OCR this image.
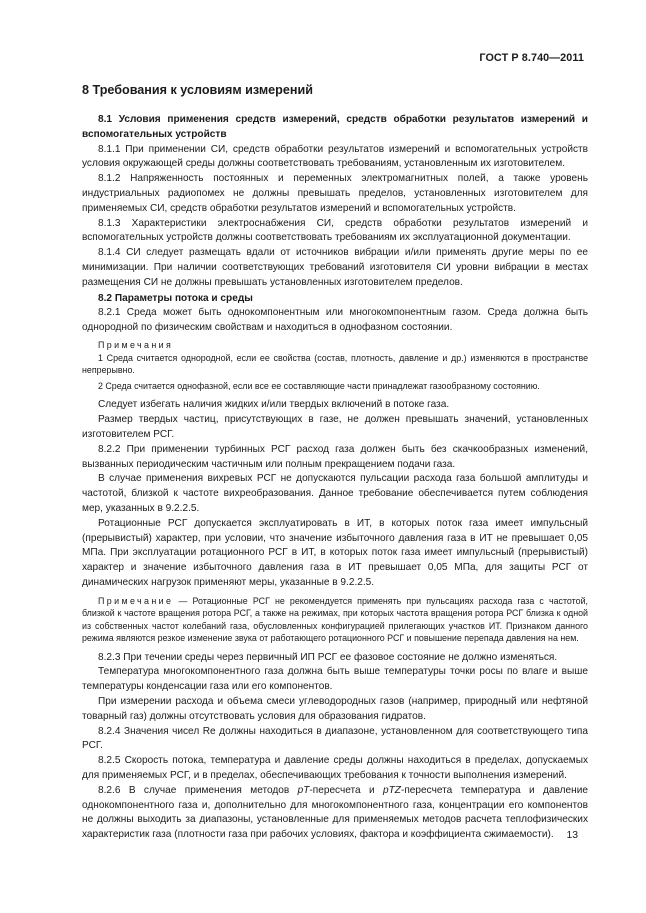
ГОСТ Р 8.740—2011
8 Требования к условиям измерений

8.1 Условия применения средств измерений, средств обработки результатов измерений и вспомогательных устройств

8.1.1 При применении СИ, средств обработки результатов измерений и вспомогательных устройств условия окружающей среды должны соответствовать требованиям, установленным их изготовителем.

8.1.2 Напряженность постоянных и переменных электромагнитных полей, а также уровень индустриальных радиопомех не должны превышать пределов, установленных изготовителем для применяемых СИ, средств обработки результатов измерений и вспомогательных устройств.

8.1.3 Характеристики электроснабжения СИ, средств обработки результатов измерений и вспомогательных устройств должны соответствовать требованиям их эксплуатационной документации.

8.1.4 СИ следует размещать вдали от источников вибрации и/или применять другие меры по ее минимизации. При наличии соответствующих требований изготовителя СИ уровни вибрации в местах размещения СИ не должны превышать установленных изготовителем пределов.

8.2 Параметры потока и среды

8.2.1 Среда может быть однокомпонентным или многокомпонентным газом. Среда должна быть однородной по физическим свойствам и находиться в однофазном состоянии.

Примечания

1 Среда считается однородной, если ее свойства (состав, плотность, давление и др.) изменяются в пространстве непрерывно.

2 Среда считается однофазной, если все ее составляющие части принадлежат газообразному состоянию.

Следует избегать наличия жидких и/или твердых включений в потоке газа.

Размер твердых частиц, присутствующих в газе, не должен превышать значений, установленных изготовителем РСГ.

8.2.2 При применении турбинных РСГ расход газа должен быть без скачкообразных изменений, вызванных периодическим частичным или полным прекращением подачи газа.

В случае применения вихревых РСГ не допускаются пульсации расхода газа большой амплитуды и частотой, близкой к частоте вихреобразования. Данное требование обеспечивается путем соблюдения мер, указанных в 9.2.2.5.

Ротационные РСГ допускается эксплуатировать в ИТ, в которых поток газа имеет импульсный (прерывистый) характер, при условии, что значение избыточного давления газа в ИТ не превышает 0,05 МПа. При эксплуатации ротационного РСГ в ИТ, в которых поток газа имеет импульсный (прерывистый) характер и значение избыточного давления газа в ИТ превышает 0,05 МПа, для защиты РСГ от динамических нагрузок применяют меры, указанные в 9.2.2.5.

Примечание — Ротационные РСГ не рекомендуется применять при пульсациях расхода газа с частотой, близкой к частоте вращения ротора РСГ, а также на режимах, при которых частота вращения ротора РСГ близка к одной из собственных частот колебаний газа, обусловленных конфигурацией прилегающих участков ИТ. Признаком данного режима являются резкое изменение звука от работающего ротационного РСГ и повышение перепада давления на нем.

8.2.3 При течении среды через первичный ИП РСГ ее фазовое состояние не должно изменяться.

Температура многокомпонентного газа должна быть выше температуры точки росы по влаге и выше температуры конденсации газа или его компонентов.

При измерении расхода и объема смеси углеводородных газов (например, природный или нефтяной товарный газ) должны отсутствовать условия для образования гидратов.

8.2.4 Значения чисел Re должны находиться в диапазоне, установленном для соответствующего типа РСГ.

8.2.5 Скорость потока, температура и давление среды должны находиться в пределах, допускаемых для применяемых РСГ, и в пределах, обеспечивающих требования к точности выполнения измерений.

8.2.6 В случае применения методов pT-пересчета и pTZ-пересчета температура и давление однокомпонентного газа и, дополнительно для многокомпонентного газа, концентрации его компонентов не должны выходить за диапазоны, установленные для применяемых методов расчета теплофизических характеристик газа (плотности газа при рабочих условиях, фактора и коэффициента сжимаемости).	13
